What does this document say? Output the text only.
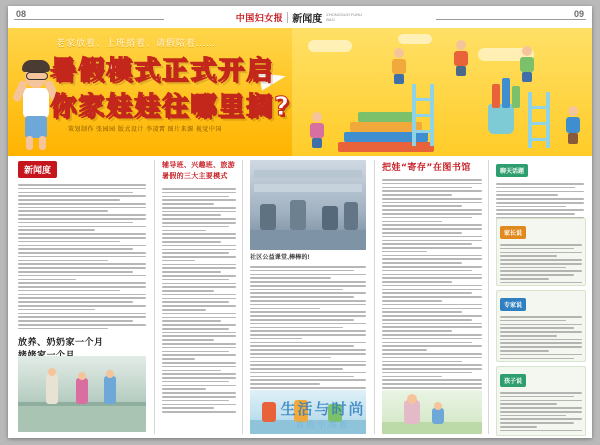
中国妇女报 新闻度 ZHONGGUO FUNU BAO
08	09
老家放着、上班捎着、请假陪着……
暑假模式正式开启
你家娃娃往哪里搁?
策划制作 张园园 版式设计 李凌霄 图片来源 视觉中国
新闻度
放养、奶奶家一个月
辅导班、兴趣班、旅游
暑假的三大主要模式
社区公益课堂,棒棒的!
把娃“寄存”在图书馆	聊天话题
家长说
专家说
孩子说
生活与时尚
我的小海报
